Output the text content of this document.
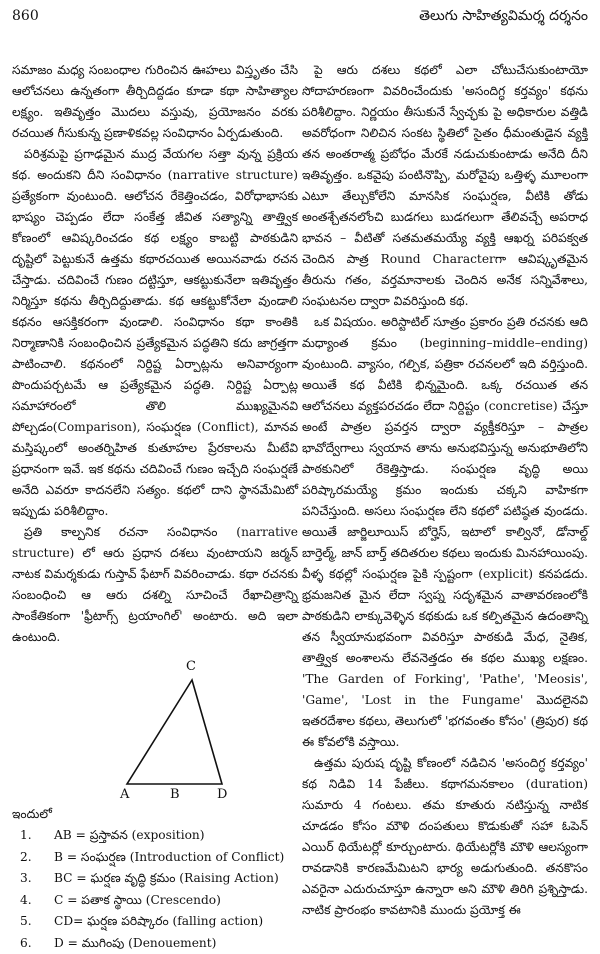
860	తెలుగు సాహిత్యవిమర్శ దర్శనం

సమాజం మధ్య సంబంధాల గురించిన ఊహలు విస్తృతం చేసి ఆలోచనలు ఉన్నతంగా తీర్చిదిద్దడం కూడా కథా సాహిత్యాల లక్ష్యం. ఇతివృత్తం మొదలు వస్తువు, ప్రయోజనం వరకు రచయిత గీసుకున్న ప్రణాళికవల్ల సంవిధానం ఏర్పడుతుంది.

పరిశ్రమపై ప్రగాఢమైన ముద్ర వేయగల సత్తా వున్న ప్రక్రియ కథ. అందుకని దీని సంవిధానం (narrative structure) ప్రత్యేకంగా వుంటుంది. ఆలోచన రేకెత్తించడం, విరోధాభాసకు భాష్యం చెప్పడం లేదా సంకేత్త జీవిత సత్యాన్ని తాత్త్విక కోణంలో ఆవిష్కరించడం కథ లక్ష్యం కాబట్టి పాఠకుడిని దృష్టిలో పెట్టుకునే ఉత్తమ కథారచయిత అయినవాడు రచన చేస్తాడు. చదివించే గుణం దట్టిస్తూ, ఆకట్టుకునేలా ఇతివృత్తం నిర్మిస్తూ కథను తీర్చిదిద్దుతాడు. కథ ఆకట్టుకోనేలా వుండాలి కథనం ఆసక్తికరంగా వుండాలి. సంవిధానం కథా కాంతికి నిర్మాణానికి సంబంధించిన ప్రత్యేకమైన పద్ధతిని కదు జాగ్రత్తగా పాటించాలి. కథనంలో నిర్దిష్ట ఏర్పాట్లను అనివార్యంగా పొందుపర్చటమే ఆ ప్రత్యేకమైన పద్ధతి. నిర్దిష్ట ఏర్పాట్ల సమాహారంలో తొలి ముఖ్యమైనవి పోల్చడం(Comparison), సంఘర్షణ (Conflict), మానవ మస్తిష్కంలో అంతర్నిహిత కుతూహల ప్రేరకాలను మీటేవి ప్రధానంగా ఇవే. ఇక కథను చదివించే గుణం ఇచ్చేది సంఘర్షణే అనేది ఎవరూ కాదనలేని సత్యం. కథలో దాని స్థానమేమిటో ఇప్పుడు పరిశీలిద్దాం.

ప్రతి కాల్పనిక రచనా సంవిధానం (narrative structure) లో ఆరు ప్రధాన దశలు వుంటాయని జర్మన్ నాటక విమర్శకుడు గుస్తావ్ ఫేటాగ్ వివరించాడు. కథా రచనకు సంబంధించి ఆ ఆరు దశల్ని సూచించే రేఖాచిత్రాన్ని సాంకేతికంగా 'ఫ్రీటాగ్స్ ట్రయాంగిల్' అంటారు. అది ఇలా ఉంటుంది.

C
A	B	D

ఇందులో

1. AB = ప్రస్తావన (exposition)
2. B = సంఘర్షణ (Introduction of Conflict)
3. BC = ఘర్షణ వృద్ధి క్రమం (Raising Action)
4. C = పతాక స్థాయి (Crescendo)
5. CD= ఘర్షణ పరిష్కారం (falling action)
6. D = ముగింపు (Denouement)

పై ఆరు దశలు కథలో ఎలా చోటుచేసుకుంటాయో సోదాహరణంగా వివరించేందుకు 'అసందిగ్ధ కర్తవ్యం' కథను పరిశీలిద్దాం. నిర్ణయం తీసుకునే స్వేచ్ఛకు పై అధికారుల వత్తిడి అవరోధంగా నిలిచిన సంకట స్థితిలో సైతం ధీమంతుడైన వ్యక్తి తన అంతరాత్మ ప్రబోధం మేరకే నడుచుకుంటాడు అనేది దీని ఇతివృత్తం. ఒకవైపు పంటినొప్పి, మరోవైపు ఒత్తిళ్ళ మూలంగా ఎటూ తేల్చుకోలేని మానసిక సంఘర్షణ, వీటికి తోడు అంతశ్చేతనలోంచి బుడగలు బుడగలుగా తేలివచ్చే అపరాధ భావన – వీటితో సతమతమయ్యే వ్యక్తి ఆఖర్న పరిపక్వత చెందిన పాత్ర Round Characterగా ఆవిష్కృతమైన తీరును గతం, వర్తమానాలకు చెందిన అనేక సన్నివేశాలు, సంఘటనల ద్వారా వివరిస్తుంది కథ.

ఒక విషయం. అరిస్టాటిల్ సూత్రం ప్రకారం ప్రతి రచనకు ఆది మధ్యాంత క్రమం (beginning–middle–ending) వుంటుంది. వ్యాసం, గల్పిక, పత్రికా రచనలలో ఇది వర్తిస్తుంది. అయితే కథ వీటికి భిన్నమైంది. ఒక్క రచయిత తన ఆలోచనలు వ్యక్తపరచడం లేదా నిర్దిష్టం (concretise) చేస్తూ అంటే పాత్రల ప్రవర్తన ద్వారా వ్యక్తీకరిస్తూ – పాత్రల భావోద్వేగాలు స్వయాన తాను అనుభవిస్తున్న అనుభూతిలోని పాఠకునిలో రేకెత్తిస్తాడు. సంఘర్షణ వృద్ధి అయి పరిష్కారమయ్యే క్రమం ఇందుకు చక్కని వాహికగా పనిచేస్తుంది. అసలు సంఘర్షణ లేని కథలో పటిష్ఠత వుండదు. అయితే జార్జిలూయిస్ బోర్హెస్, ఇటాలో కాల్వినో, డోనాల్డ్ బార్తెల్మ్, జాన్ బార్త్ తదితరుల కథలు ఇందుకు మినహాయింపు. వీళ్ళ కథల్లో సంఘర్షణ పైకి స్పష్టంగా (explicit) కనపడదు. భ్రమజనిత మైన లేదా స్వప్న సదృశమైన వాతావరణంలోకి పాఠకుడిని లాక్కువెళ్ళిన కథకుడు ఒక కల్పితమైన ఉదంతాన్ని తన స్వీయానుభవంగా వివరిస్తూ పాఠకుడి మేధ, నైతిక, తాత్త్విక అంశాలను లేవనెత్తడం ఈ కథల ముఖ్య లక్షణం. 'The Garden of Forking', 'Pathe', 'Meosis', 'Game', 'Lost in the Fungame' మొదలైనవి ఇతరదేశాల కథలు, తెలుగులో 'భగవంతం కోసం' (త్రిపుర) కథ ఈ కోవలోకి వస్తాయి.

ఉత్తమ పురుష దృష్టి కోణంలో నడిచిన 'అసందిగ్ధ కర్తవ్యం' కథ నిడివి 14 పేజీలు. కథాగమనకాలం (duration) సుమారు 4 గంటలు. తమ కూతురు నటిస్తున్న నాటిక చూడడం కోసం మౌళి దంపతులు కొడుకుతో సహా ఓపెన్ ఎయిర్ థియేటర్లో కూర్చుంటారు. థియేటర్లోకి మౌళి ఆలస్యంగా రావడానికి కారణమేమిటని భార్య అడుగుతుంది. తనకొసం ఎవరైనా ఎదురుచూస్తూ ఉన్నారా అని మౌళి తిరిగి ప్రశ్నిస్తాడు. నాటిక ప్రారంభం కావటానికి ముందు ప్రయోక్త ఈ
